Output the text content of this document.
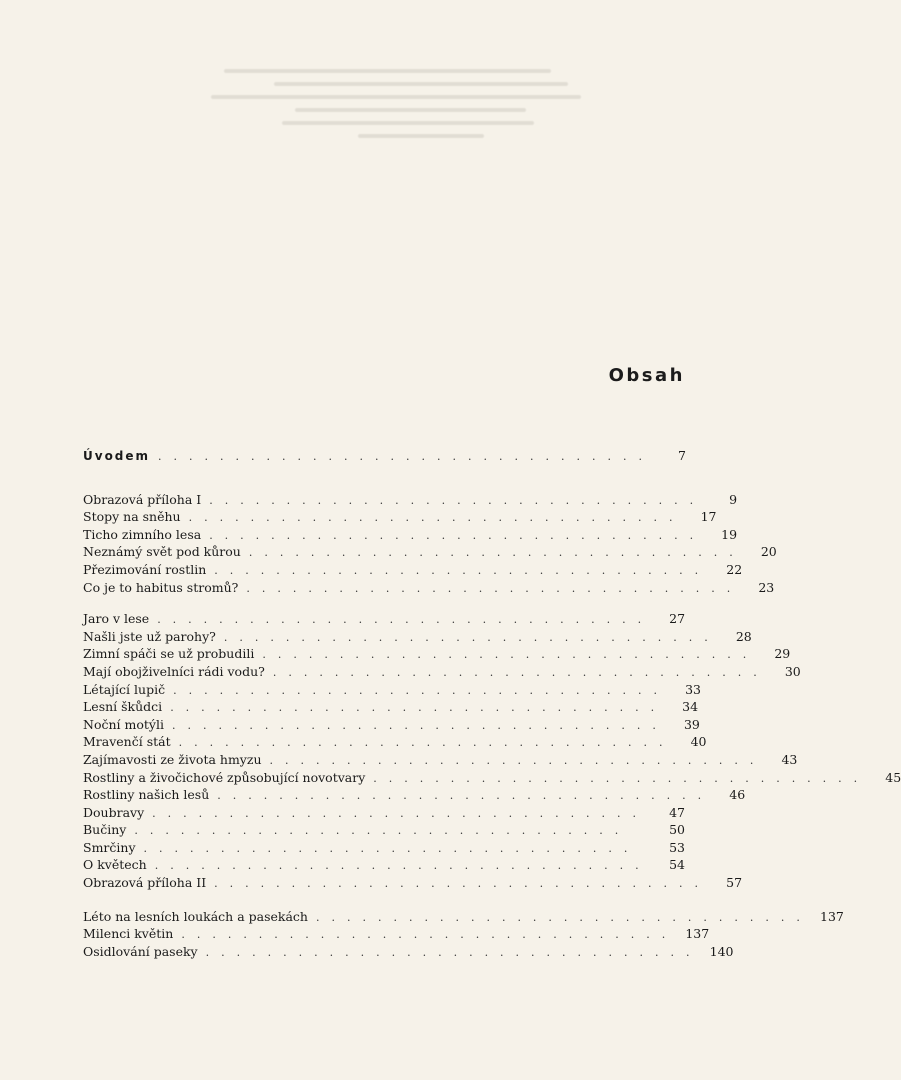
Obsah
Úvodem ................................	7
Obrazová příloha I ................................	9
Stopy na sněhu ................................	17
Ticho zimního lesa ................................	19
Neznámý svět pod kůrou ................................	20
Přezimování rostlin ................................	22
Co je to habitus stromů? ................................	23
Jaro v lese ................................	27
Našli jste už parohy? ................................	28
Zimní spáči se už probudili ................................	29
Mají obojživelníci rádi vodu? ................................	30
Létající lupič ................................	33
Lesní škůdci ................................	34
Noční motýli ................................	39
Mravenčí stát ................................	40
Zajímavosti ze života hmyzu ................................	43
Rostliny a živočichové způsobující novotvary ................................	45
Rostliny našich lesů ................................	46
Doubravy ................................	47
Bučiny ................................	50
Smrčiny ................................	53
O květech ................................	54
Obrazová příloha II ................................	57
Léto na lesních loukách a pasekách ................................ 137
Milenci květin ................................ 137
Osidlování paseky ................................ 140
